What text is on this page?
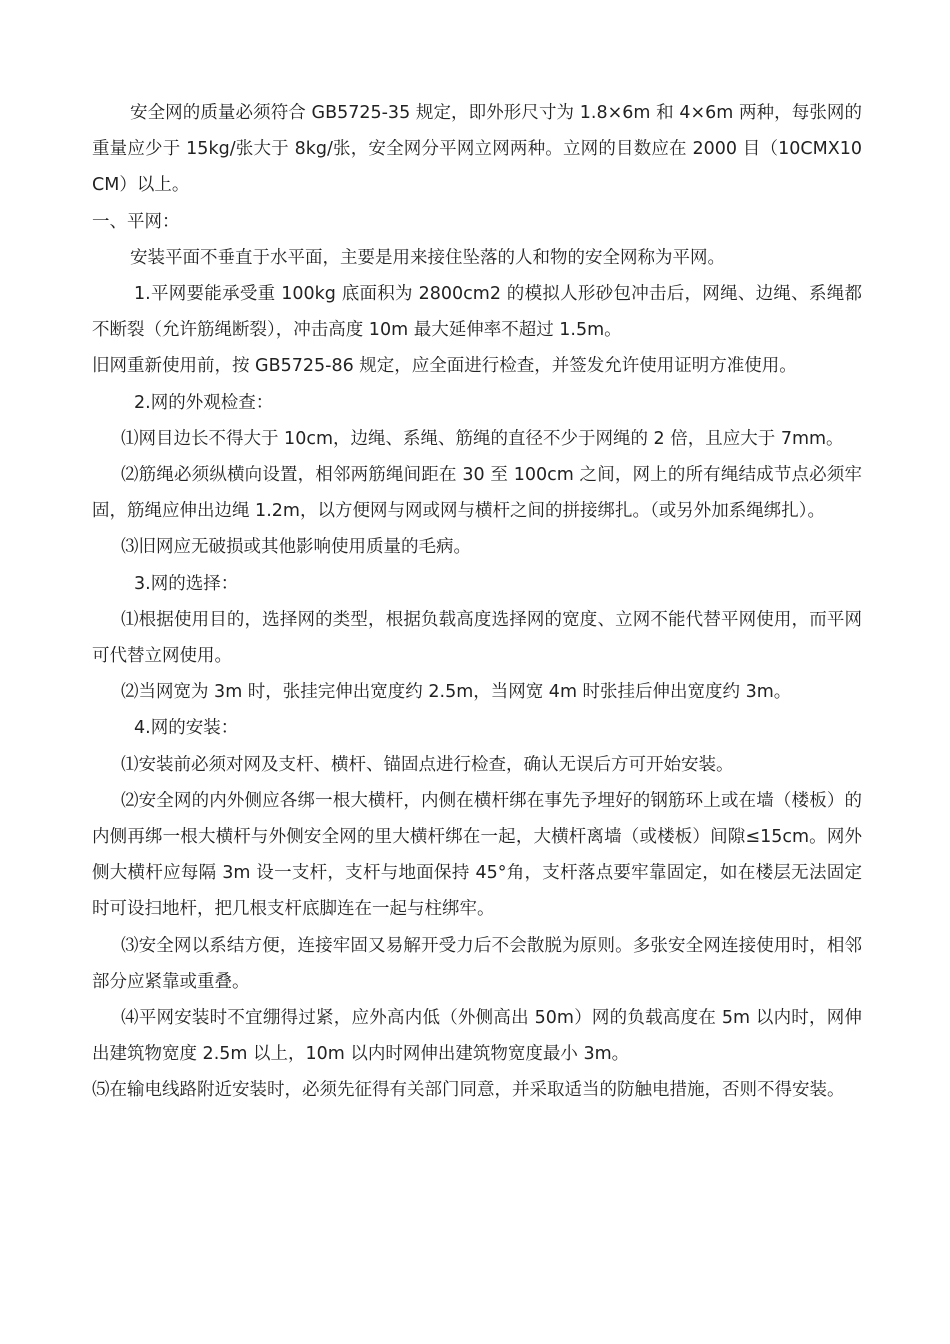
安全网的质量必须符合 GB5725-35 规定，即外形尺寸为 1.8×6m 和 4×6m 两种，每张网的重量应少于 15kg/张大于 8kg/张，安全网分平网立网两种。立网的目数应在 2000 目（10CMX10CM）以上。

一、平网：

安装平面不垂直于水平面，主要是用来接住坠落的人和物的安全网称为平网。

1.平网要能承受重 100kg 底面积为 2800cm2 的模拟人形砂包冲击后，网绳、边绳、系绳都不断裂（允许筋绳断裂），冲击高度 10m 最大延伸率不超过 1.5m。

旧网重新使用前，按 GB5725-86 规定，应全面进行检查，并签发允许使用证明方准使用。

2.网的外观检查：

⑴网目边长不得大于 10cm，边绳、系绳、筋绳的直径不少于网绳的 2 倍，且应大于 7mm。

⑵筋绳必须纵横向设置，相邻两筋绳间距在 30 至 100cm 之间，网上的所有绳结成节点必须牢固，筋绳应伸出边绳 1.2m，以方便网与网或网与横杆之间的拼接绑扎。（或另外加系绳绑扎）。

⑶旧网应无破损或其他影响使用质量的毛病。

3.网的选择：

⑴根据使用目的，选择网的类型，根据负载高度选择网的宽度、立网不能代替平网使用，而平网可代替立网使用。

⑵当网宽为 3m 时，张挂完伸出宽度约 2.5m，当网宽 4m 时张挂后伸出宽度约 3m。

4.网的安装：

⑴安装前必须对网及支杆、横杆、锚固点进行检查，确认无误后方可开始安装。

⑵安全网的内外侧应各绑一根大横杆，内侧在横杆绑在事先予埋好的钢筋环上或在墙（楼板）的内侧再绑一根大横杆与外侧安全网的里大横杆绑在一起，大横杆离墙（或楼板）间隙≤15cm。网外侧大横杆应每隔 3m 设一支杆，支杆与地面保持 45°角，支杆落点要牢靠固定，如在楼层无法固定时可设扫地杆，把几根支杆底脚连在一起与柱绑牢。

⑶安全网以系结方便，连接牢固又易解开受力后不会散脱为原则。多张安全网连接使用时，相邻部分应紧靠或重叠。

⑷平网安装时不宜绷得过紧，应外高内低（外侧高出 50m）网的负载高度在 5m 以内时，网伸出建筑物宽度 2.5m 以上，10m 以内时网伸出建筑物宽度最小 3m。

⑸在输电线路附近安装时，必须先征得有关部门同意，并采取适当的防触电措施，否则不得安装。
